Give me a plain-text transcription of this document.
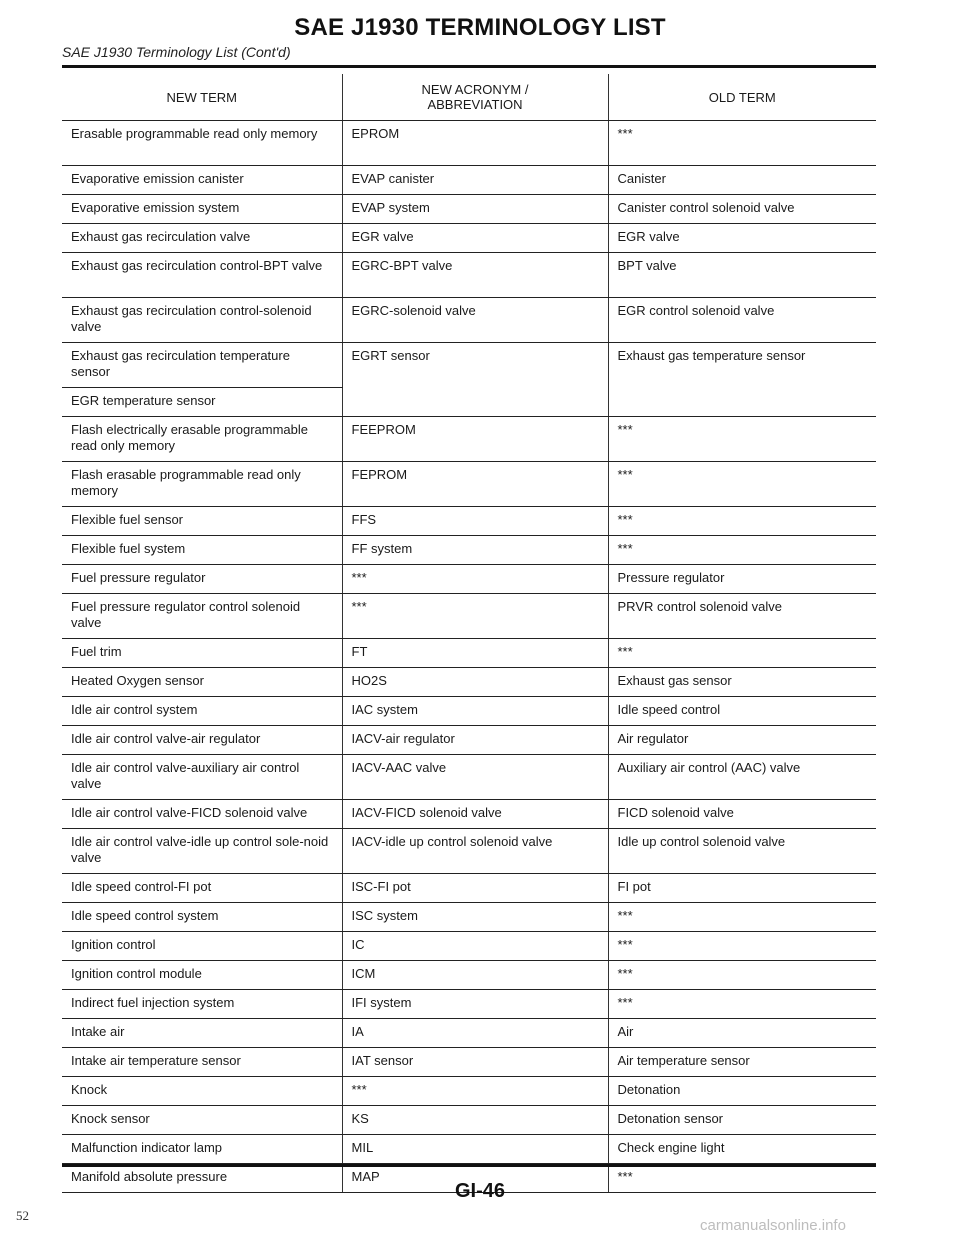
SAE J1930 TERMINOLOGY LIST
SAE J1930 Terminology List (Cont'd)
NEW TERM	NEW ACRONYM / ABBREVIATION	OLD TERM
Erasable programmable read only memory	EPROM	***
Evaporative emission canister	EVAP canister	Canister
Evaporative emission system	EVAP system	Canister control solenoid valve
Exhaust gas recirculation valve	EGR valve	EGR valve
Exhaust gas recirculation control-BPT valve	EGRC-BPT valve	BPT valve
Exhaust gas recirculation control-solenoid valve	EGRC-solenoid valve	EGR control solenoid valve
Exhaust gas recirculation temperature sensor	EGRT sensor	Exhaust gas temperature sensor
EGR temperature sensor		
Flash electrically erasable programmable read only memory	FEEPROM	***
Flash erasable programmable read only memory	FEPROM	***
Flexible fuel sensor	FFS	***
Flexible fuel system	FF system	***
Fuel pressure regulator	***	Pressure regulator
Fuel pressure regulator control solenoid valve	***	PRVR control solenoid valve
Fuel trim	FT	***
Heated Oxygen sensor	HO2S	Exhaust gas sensor
Idle air control system	IAC system	Idle speed control
Idle air control valve-air regulator	IACV-air regulator	Air regulator
Idle air control valve-auxiliary air control valve	IACV-AAC valve	Auxiliary air control (AAC) valve
Idle air control valve-FICD solenoid valve	IACV-FICD solenoid valve	FICD solenoid valve
Idle air control valve-idle up control sole-noid valve	IACV-idle up control solenoid valve	Idle up control solenoid valve
Idle speed control-FI pot	ISC-FI pot	FI pot
Idle speed control system	ISC system	***
Ignition control	IC	***
Ignition control module	ICM	***
Indirect fuel injection system	IFI system	***
Intake air	IA	Air
Intake air temperature sensor	IAT sensor	Air temperature sensor
Knock	***	Detonation
Knock sensor	KS	Detonation sensor
Malfunction indicator lamp	MIL	Check engine light
Manifold absolute pressure	MAP	***
GI-46
52
carmanualsonline.info
